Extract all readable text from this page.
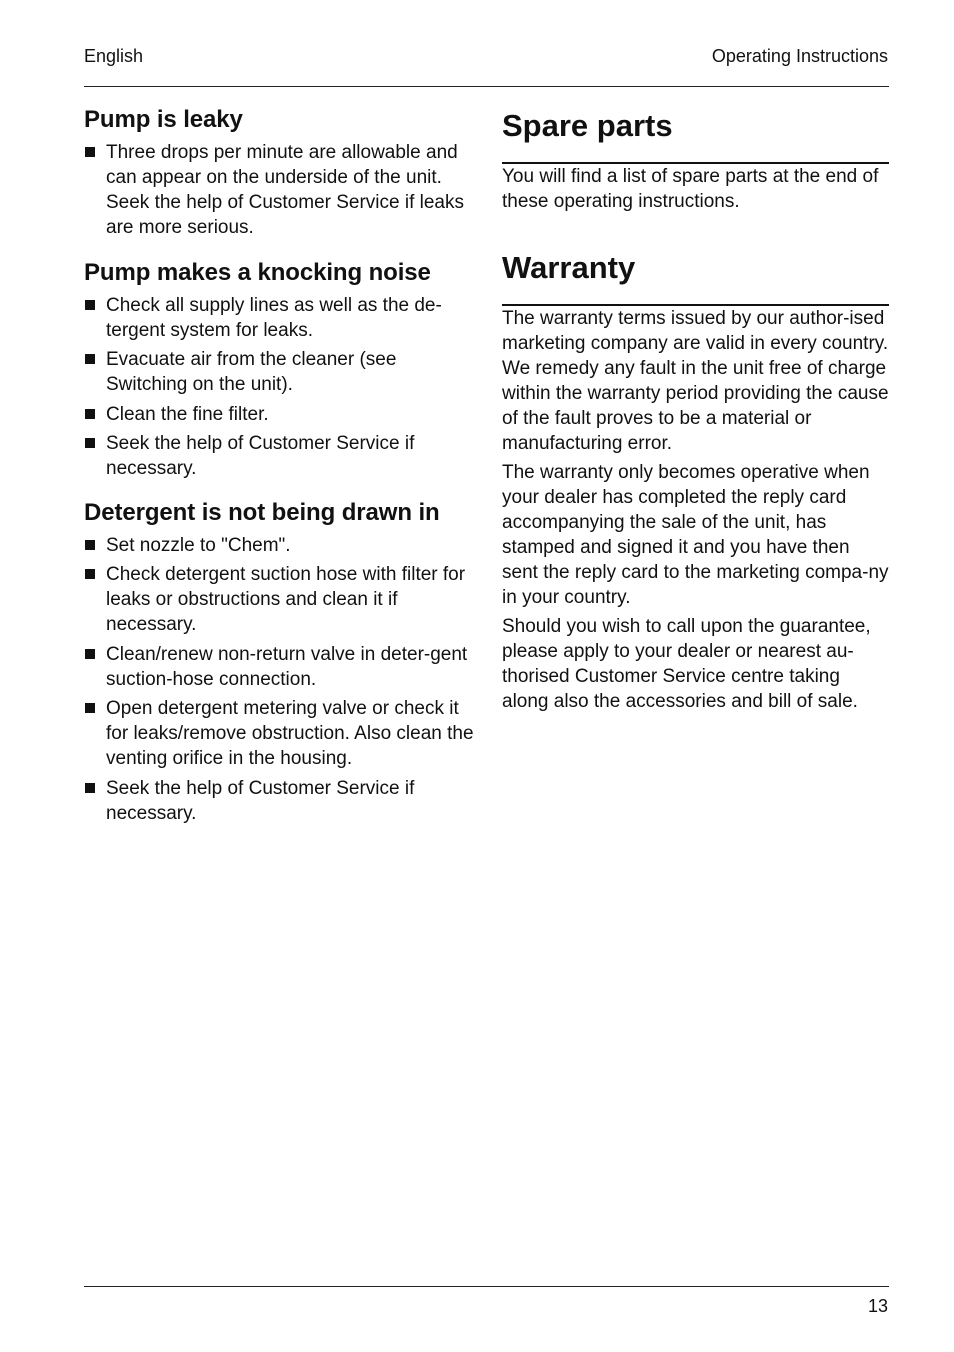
English	Operating Instructions
Pump is leaky
Three drops per minute are allowable and can appear on the underside of the unit. Seek the help of Customer Service if leaks are more serious.
Pump makes a knocking noise
Check all supply lines as well as the de-tergent system for leaks.
Evacuate air from the cleaner (see Switching on the unit).
Clean the fine filter.
Seek the help of Customer Service if necessary.
Detergent is not being drawn in
Set nozzle to "Chem".
Check detergent suction hose with filter for leaks or obstructions and clean it if necessary.
Clean/renew non-return valve in deter-gent suction-hose connection.
Open detergent metering valve or check it for leaks/remove obstruction. Also clean the venting orifice in the housing.
Seek the help of Customer Service if necessary.
Spare parts

You will find a list of spare parts at the end of these operating instructions.

Warranty

The warranty terms issued by our author-ised marketing company are valid in every country. We remedy any fault in the unit free of charge within the warranty period providing the cause of the fault proves to be a material or manufacturing error.

The warranty only becomes operative when your dealer has completed the reply card accompanying the sale of the unit, has stamped and signed it and you have then sent the reply card to the marketing compa-ny in your country.

Should you wish to call upon the guarantee, please apply to your dealer or nearest au-thorised Customer Service centre taking along also the accessories and bill of sale.

13
